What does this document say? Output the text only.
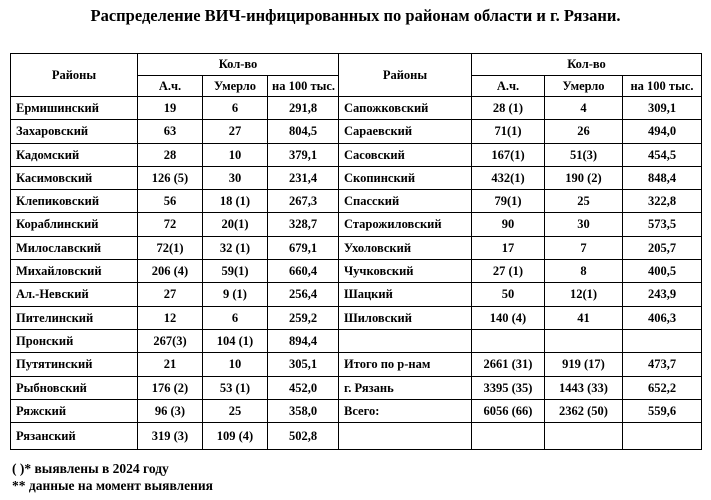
Распределение ВИЧ-инфицированных по районам области и г. Рязани.
Районы	Кол-во			Районы	Кол-во		
	А.ч.	Умерло	на 100 тыс.		А.ч.	Умерло	на 100 тыс.
Ермишинский	19	6	291,8	Сапожковский	28 (1)	4	309,1
Захаровский	63	27	804,5	Сараевский	71(1)	26	494,0
Кадомский	28	10	379,1	Сасовский	167(1)	51(3)	454,5
Касимовский	126 (5)	30	231,4	Скопинский	432(1)	190 (2)	848,4
Клепиковский	56	18 (1)	267,3	Спасский	79(1)	25	322,8
Кораблинский	72	20(1)	328,7	Старожиловский	90	30	573,5
Милославский	72(1)	32 (1)	679,1	Ухоловский	17	7	205,7
Михайловский	206 (4)	59(1)	660,4	Чучковский	27 (1)	8	400,5
Ал.-Невский	27	9 (1)	256,4	Шацкий	50	12(1)	243,9
Пителинский	12	6	259,2	Шиловский	140 (4)	41	406,3
Пронский	267(3)	104 (1)	894,4				
Путятинский	21	10	305,1	Итого по р-нам	2661 (31)	919 (17)	473,7
Рыбновский	176 (2)	53 (1)	452,0	г. Рязань	3395 (35)	1443 (33)	652,2
Ряжский	96 (3)	25	358,0	Всего:	6056 (66)	2362 (50)	559,6
Рязанский	319 (3)	109 (4)	502,8				
( )* выявлены в 2024 году
** данные на момент выявления
